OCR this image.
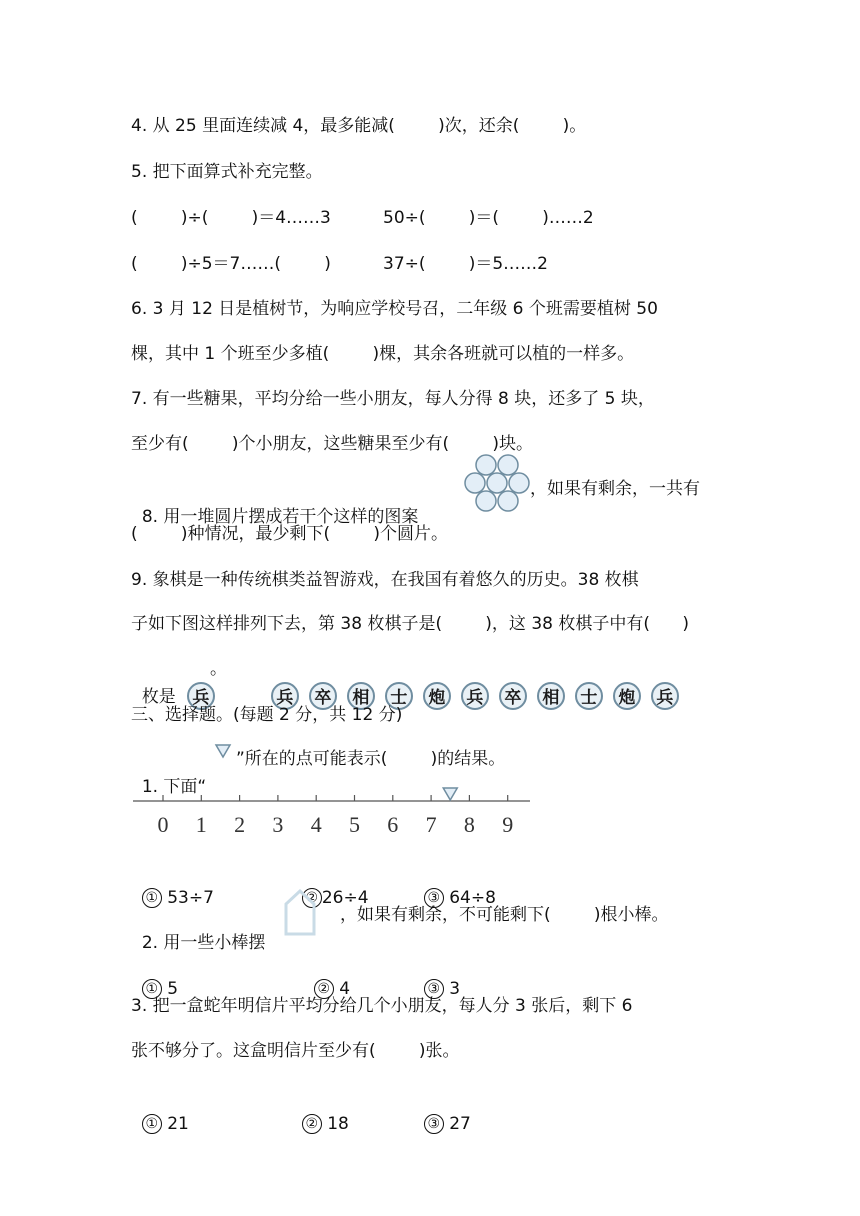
4. 从 25 里面连续减 4，最多能减(        )次，还余(        )。
5. 把下面算式补充完整。
(        )÷(        )＝4……3	50÷(        )＝(        )……2
(        )÷5＝7……(        )	37÷(        )＝5……2
6. 3 月 12 日是植树节，为响应学校号召，二年级 6 个班需要植树 50
棵，其中 1 个班至少多植(        )棵，其余各班就可以植的一样多。
7. 有一些糖果，平均分给一些小朋友，每人分得 8 块，还多了 5 块，
至少有(        )个小朋友，这些糖果至少有(        )块。

8. 用一堆圆片摆成若干个这样的图案

，如果有剩余，一共有
(        )种情况，最少剩下(        )个圆片。
9. 象棋是一种传统棋类益智游戏，在我国有着悠久的历史。38 枚棋
子如下图这样排列下去，第 38 枚棋子是(        )，这 38 枚棋子中有(      )

枚是 兵

。

兵 卒 相 士 炮 兵 卒 相 士 炮 兵

三、选择题。(每题 2 分，共 12 分)

1. 下面“

”所在的点可能表示(        )的结果。
0 1 2 3 4 5 6 7 8 9

① 53÷7	② 26÷4	③ 64÷8

2. 用一些小棒摆

，如果有剩余，不可能剩下(        )根小棒。

① 5	② 4	③ 3

3. 把一盒蛇年明信片平均分给几个小朋友，每人分 3 张后，剩下 6
张不够分了。这盒明信片至少有(        )张。

① 21	② 18	③ 27
